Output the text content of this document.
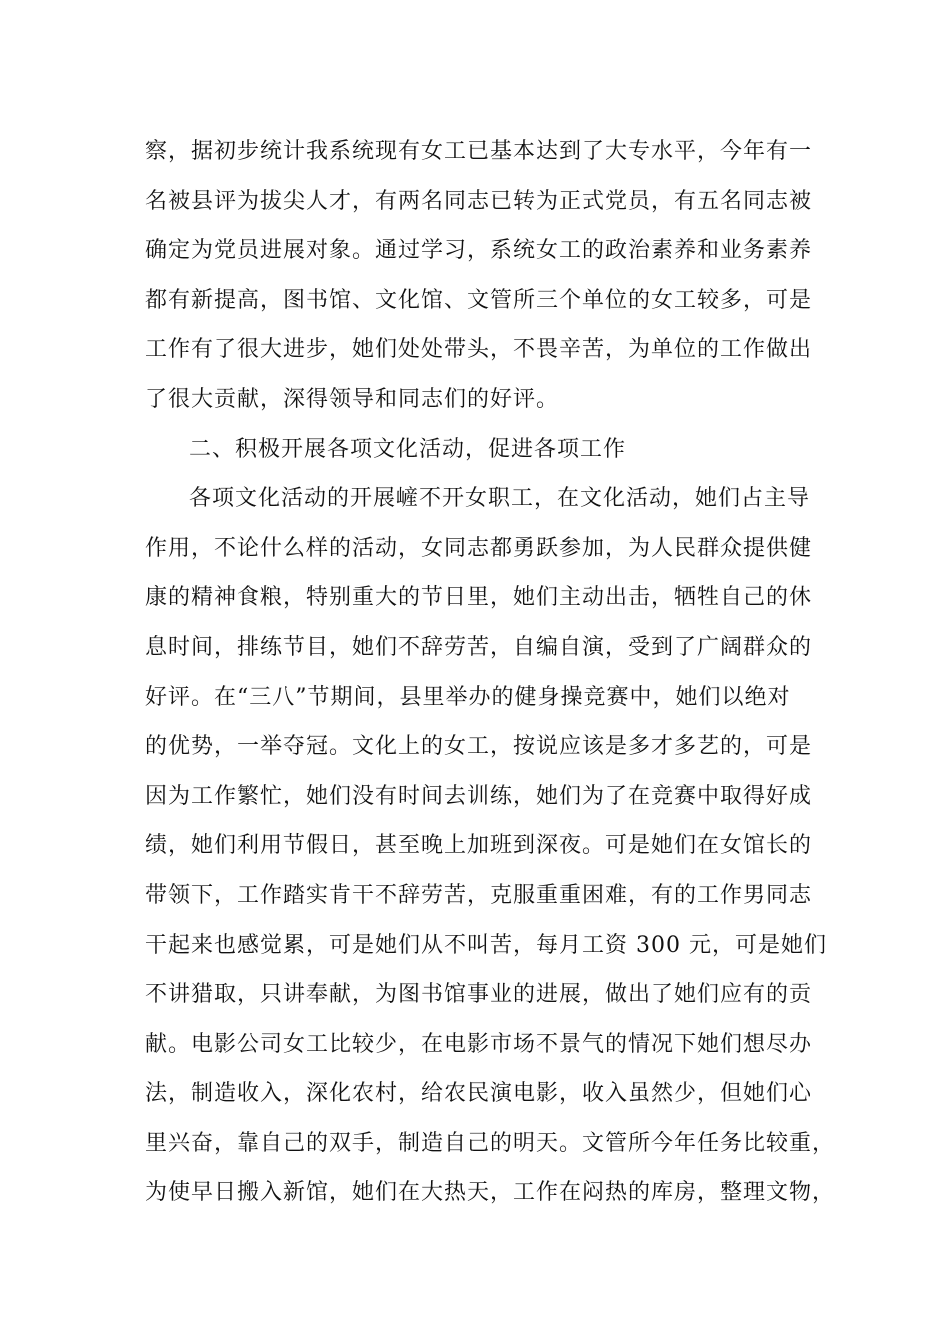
察，据初步统计我系统现有女工已基本达到了大专水平，今年有一
名被县评为拔尖人才，有两名同志已转为正式党员，有五名同志被
确定为党员进展对象。通过学习，系统女工的政治素养和业务素养
都有新提高，图书馆、文化馆、文管所三个单位的女工较多，可是
工作有了很大进步，她们处处带头，不畏辛苦，为单位的工作做出
了很大贡献，深得领导和同志们的好评。
二、积极开展各项文化活动，促进各项工作
各项文化活动的开展嵼不开女职工，在文化活动，她们占主导
作用，不论什么样的活动，女同志都勇跃参加，为人民群众提供健
康的精神食粮，特别重大的节日里，她们主动出击，牺牲自己的休
息时间，排练节目，她们不辞劳苦，自编自演，受到了广阔群众的
好评。在“三八”节期间，县里举办的健身操竞赛中，她们以绝对
的优势，一举夺冠。文化上的女工，按说应该是多才多艺的，可是
因为工作繁忙，她们没有时间去训练，她们为了在竞赛中取得好成
绩，她们利用节假日，甚至晚上加班到深夜。可是她们在女馆长的
带领下，工作踏实肯干不辞劳苦，克服重重困难，有的工作男同志
干起来也感觉累，可是她们从不叫苦，每月工资 300 元，可是她们
不讲猎取，只讲奉献，为图书馆事业的进展，做出了她们应有的贡
献。电影公司女工比较少，在电影市场不景气的情况下她们想尽办
法，制造收入，深化农村，给农民演电影，收入虽然少，但她们心
里兴奋，靠自己的双手，制造自己的明天。文管所今年任务比较重，
为使早日搬入新馆，她们在大热天，工作在闷热的库房，整理文物，
